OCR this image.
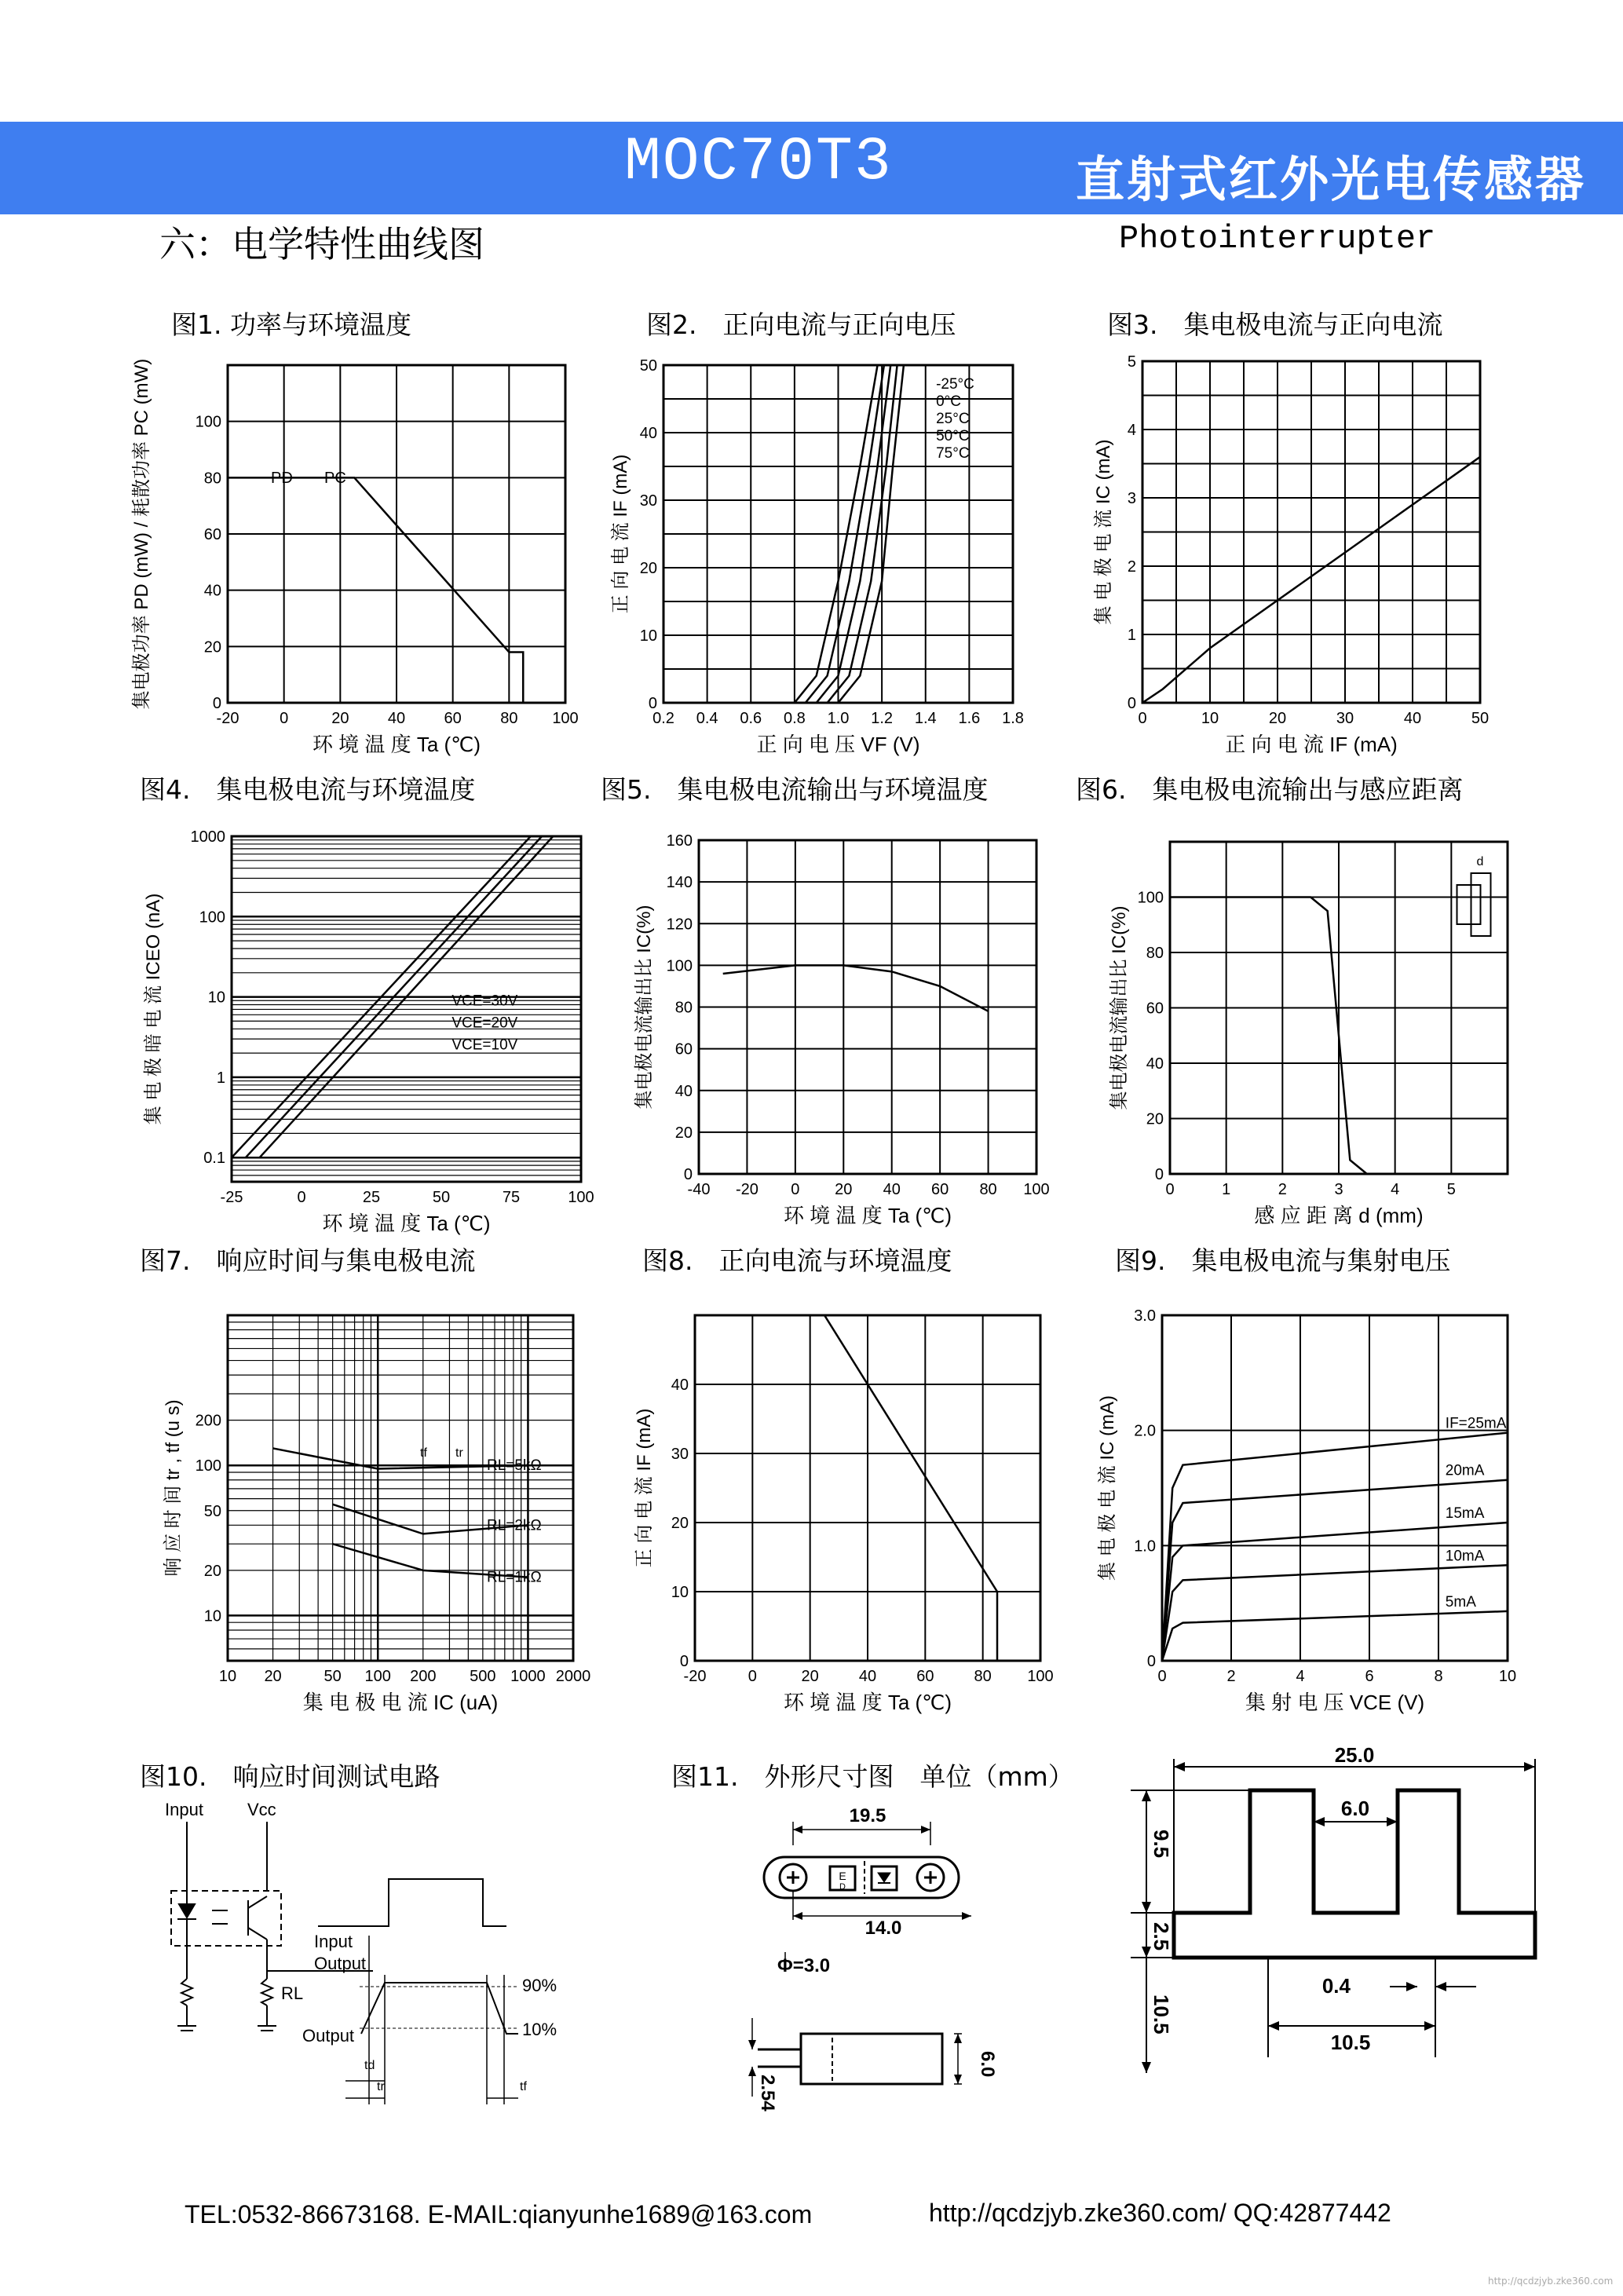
MOC70T3	直射式红外光电传感器
六：电学特性曲线图	Photointerrupter
图1. 功率与环境温度	图2.　正向电流与正向电压	图3.　集电极电流与正向电流
图4.　集电极电流与环境温度	图5.　集电极电流输出与环境温度	图6.　集电极电流输出与感应距离
图7.　响应时间与集电极电流	图8.　正向电流与环境温度	图9.　集电极电流与集射电压
图10.　响应时间测试电路	图11.　外形尺寸图　单位（mm）
-20	0	20 40 60 80 100
0
20
40
60
80
100
环 境 温 度 Ta (℃)
集电极功率 PD (mW) / 耗散功率 PC (mW)	PD PC
0.2 0.4 0.6 0.8 1.0 1.2 1.4 1.6 1.8
0
10
20
30
40
50
正 向 电 压 VF (V)
正 向 电 流 IF (mA)
-25°C
0°C
25°C
50°C
75°C
0	10	20	30	40	50
0
1
2
3
4
5
正 向 电 流 IF (mA)
集 电 极 电 流 IC (mA)
-25	0	25	50	75	100
0.1
1
10
100
1000
环 境 温 度 Ta (℃)
集 电 极 暗 电 流 ICEO (nA)	VCE=30V
VCE=20V
VCE=10V
-40 -20 0 20 40 60 80 100
0
20
40
60
80
100
120
140
160
环 境 温 度 Ta (℃)
集电极电流输出比 IC(%)
0	1	2	3	4	5
0
20
40
60
80
100
感 应 距 离 d (mm)
集电极电流输出比 IC(%)
d
10 20	50 100 200 500 1000 2000
10
20
50
100
200
集 电 极 电 流 IC (uA)
响 应 时 间 tr , tf (u s)	RL=5kΩ
RL=2kΩ
RL=1kΩ
tf tr
-20	0	20	40	60	80 100
0
10
20
30
40
环 境 温 度 Ta (℃)
正 向 电 流 IF (mA)
0	2	4	6	8	10
0
1.0
2.0
3.0
集 射 电 压 VCE (V)
集 电 极 电 流 IC (mA)	IF=25mA
20mA
15mA
10mA
5mA
Input	Vcc
RL
Input
Output
Output
90%
10%
td
tr	tf
19.5
14.0
Φ=3.0
6.0
2.54
E
D
25.0
6.0
9.5
2.5
10.5
0.4
10.5
TEL:0532-86673168. E-MAIL:qianyunhe1689@163.com	http://qcdzjyb.zke360.com/ QQ:42877442
http://qcdzjyb.zke360.com
